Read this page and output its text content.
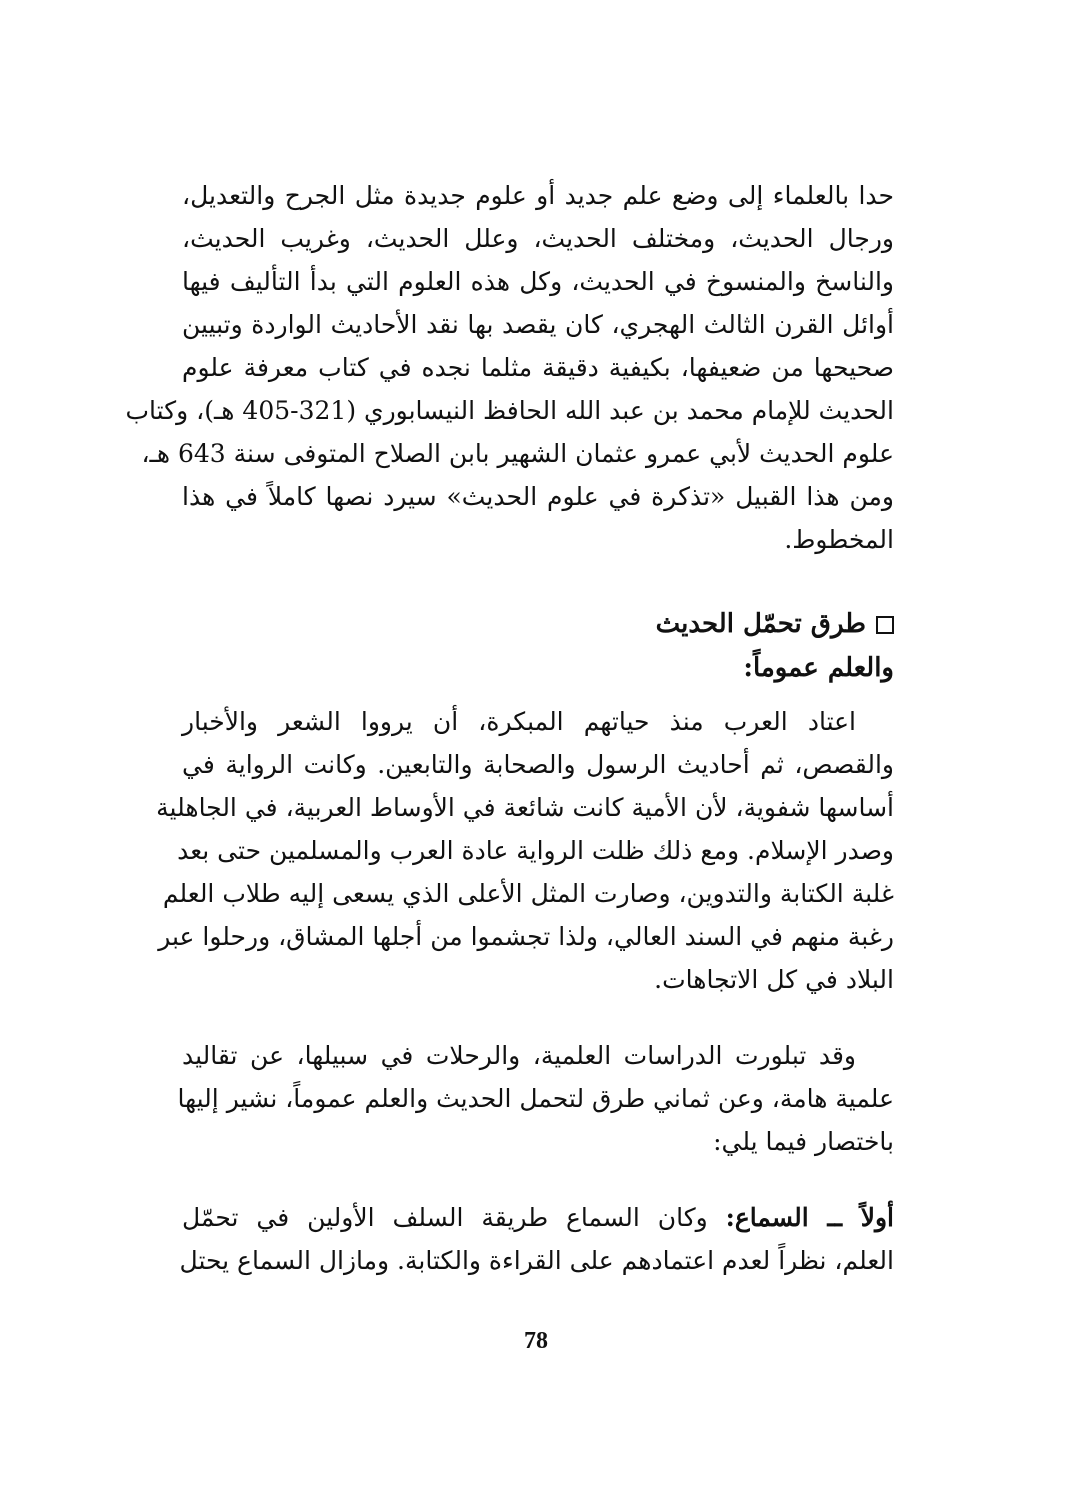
حدا بالعلماء إلى وضع علم جديد أو علوم جديدة مثل الجرح والتعديل،
ورجال الحديث، ومختلف الحديث، وعلل الحديث، وغريب الحديث،
والناسخ والمنسوخ في الحديث، وكل هذه العلوم التي بدأ التأليف فيها
أوائل القرن الثالث الهجري، كان يقصد بها نقد الأحاديث الواردة وتبيين
صحيحها من ضعيفها، بكيفية دقيقة مثلما نجده في كتاب معرفة علوم
الحديث للإمام محمد بن عبد الله الحافظ النيسابوري (321-405 هـ)، وكتاب
علوم الحديث لأبي عمرو عثمان الشهير بابن الصلاح المتوفى سنة 643 هـ،
ومن هذا القبيل «تذكرة في علوم الحديث» سيرد نصها كاملاً في هذا
المخطوط.
طرق تحمّل الحديث
والعلم عموماً:
اعتاد العرب منذ حياتهم المبكرة، أن يرووا الشعر والأخبار
والقصص، ثم أحاديث الرسول والصحابة والتابعين. وكانت الرواية في
أساسها شفوية، لأن الأمية كانت شائعة في الأوساط العربية، في الجاهلية
وصدر الإسلام. ومع ذلك ظلت الرواية عادة العرب والمسلمين حتى بعد
غلبة الكتابة والتدوين، وصارت المثل الأعلى الذي يسعى إليه طلاب العلم
رغبة منهم في السند العالي، ولذا تجشموا من أجلها المشاق، ورحلوا عبر
البلاد في كل الاتجاهات.
وقد تبلورت الدراسات العلمية، والرحلات في سبيلها، عن تقاليد
علمية هامة، وعن ثماني طرق لتحمل الحديث والعلم عموماً، نشير إليها
باختصار فيما يلي:
أولاً ــ السماع: وكان السماع طريقة السلف الأولين في تحمّل
العلم، نظراً لعدم اعتمادهم على القراءة والكتابة. ومازال السماع يحتل
78
